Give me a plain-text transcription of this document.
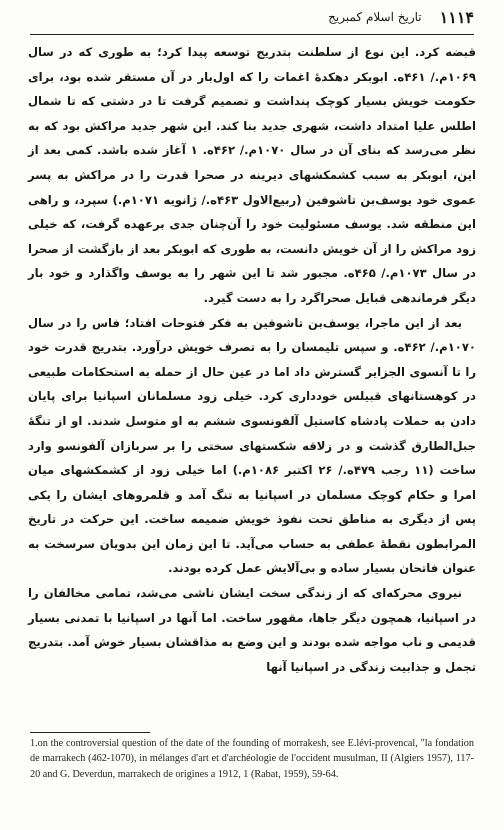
۱۱۱۴
تاریخ اسلام کمبریج

قبضه کرد. این نوع از سلطنت بتدریج توسعه پیدا کرد؛ به طوری که در سال ۱۰۶۹م./ ۴۶۱ه. ابوبکر دهکدهٔ اغمات را که اول‌بار در آن مستقر شده بود، برای حکومت خویش بسیار کوچک پنداشت و تصمیم گرفت تا در دشتی که تا شمال اطلس علیا امتداد داشت، شهری جدید بنا کند. این شهر جدید مراکش بود که به نظر می‌رسد که بنای آن در سال ۱۰۷۰م./ ۴۶۲ه. ۱ آغاز شده باشد. کمی بعد از این، ابوبکر به سبب کشمکشهای دیرینه در صحرا قدرت را در مراکش به پسر عموی خود یوسف‌بن تاشوفین (ربیع‌الاول ۴۶۳ه./ ژانویه ۱۰۷۱م.) سپرد، و راهی این منطقه شد. یوسف مسئولیت خود را آن‌چنان جدی برعهده گرفت، که خیلی زود مراکش را از آن خویش دانست، به طوری که ابوبکر بعد از بازگشت از صحرا در سال ۱۰۷۳م./ ۴۶۵ه. مجبور شد تا این شهر را به یوسف واگذارد و خود بار دیگر فرماندهی قبایل صحراگرد را به دست گیرد.

بعد از این ماجرا، یوسف‌بن تاشوفین به فکر فتوحات افتاد؛ فاس را در سال ۱۰۷۰م./ ۴۶۲ه. و سپس تلیمسان را به تصرف خویش درآورد. بتدریج قدرت خود را تا آنسوی الجزایر گسترش داد اما در عین حال از حمله به استحکامات طبیعی در کوهستانهای قبیلس خودداری کرد. خیلی زود مسلمانان اسپانیا برای پایان دادن به حملات پادشاه کاستیل آلفونسوی ششم به او متوسل شدند. او از تنگهٔ جبل‌الطارق گذشت و در زلاقه شکستهای سختی را بر سربازان آلفونسو وارد ساخت (۱۱ رجب ۴۷۹ه./ ۲۶ اکتبر ۱۰۸۶م.) اما خیلی زود از کشمکشهای میان امرا و حکام کوچک مسلمان در اسپانیا به تنگ آمد و قلمروهای ایشان را یکی پس از دیگری به مناطق تحت نفوذ خویش ضمیمه ساخت. این حرکت در تاریخ المرابطون نقطهٔ عطفی به حساب می‌آید. تا این زمان این بدویان سرسخت به عنوان فاتحان بسیار ساده و بی‌آلایش عمل کرده بودند.

نیروی محرکه‌ای که از زندگی سخت ایشان ناشی می‌شد، تمامی مخالفان را در اسپانیا، همچون دیگر جاها، مقهور ساخت. اما آنها در اسپانیا با تمدنی بسیار قدیمی و ناب مواجه شده بودند و این وضع به مذاقشان بسیار خوش آمد. بتدریج تجمل و جذابیت زندگی در اسپانیا آنها

1.on the controversial question of the date of the founding of morrakesh, see E.lévi-provencal, "la fondation de marrakech (462-1070), in mélanges d'art et d'archéologie de l'occident musulman, II (Algiers 1957), 117-20 and G. Deverdun, marrakech de origines a 1912, 1 (Rabat, 1959), 59-64.
